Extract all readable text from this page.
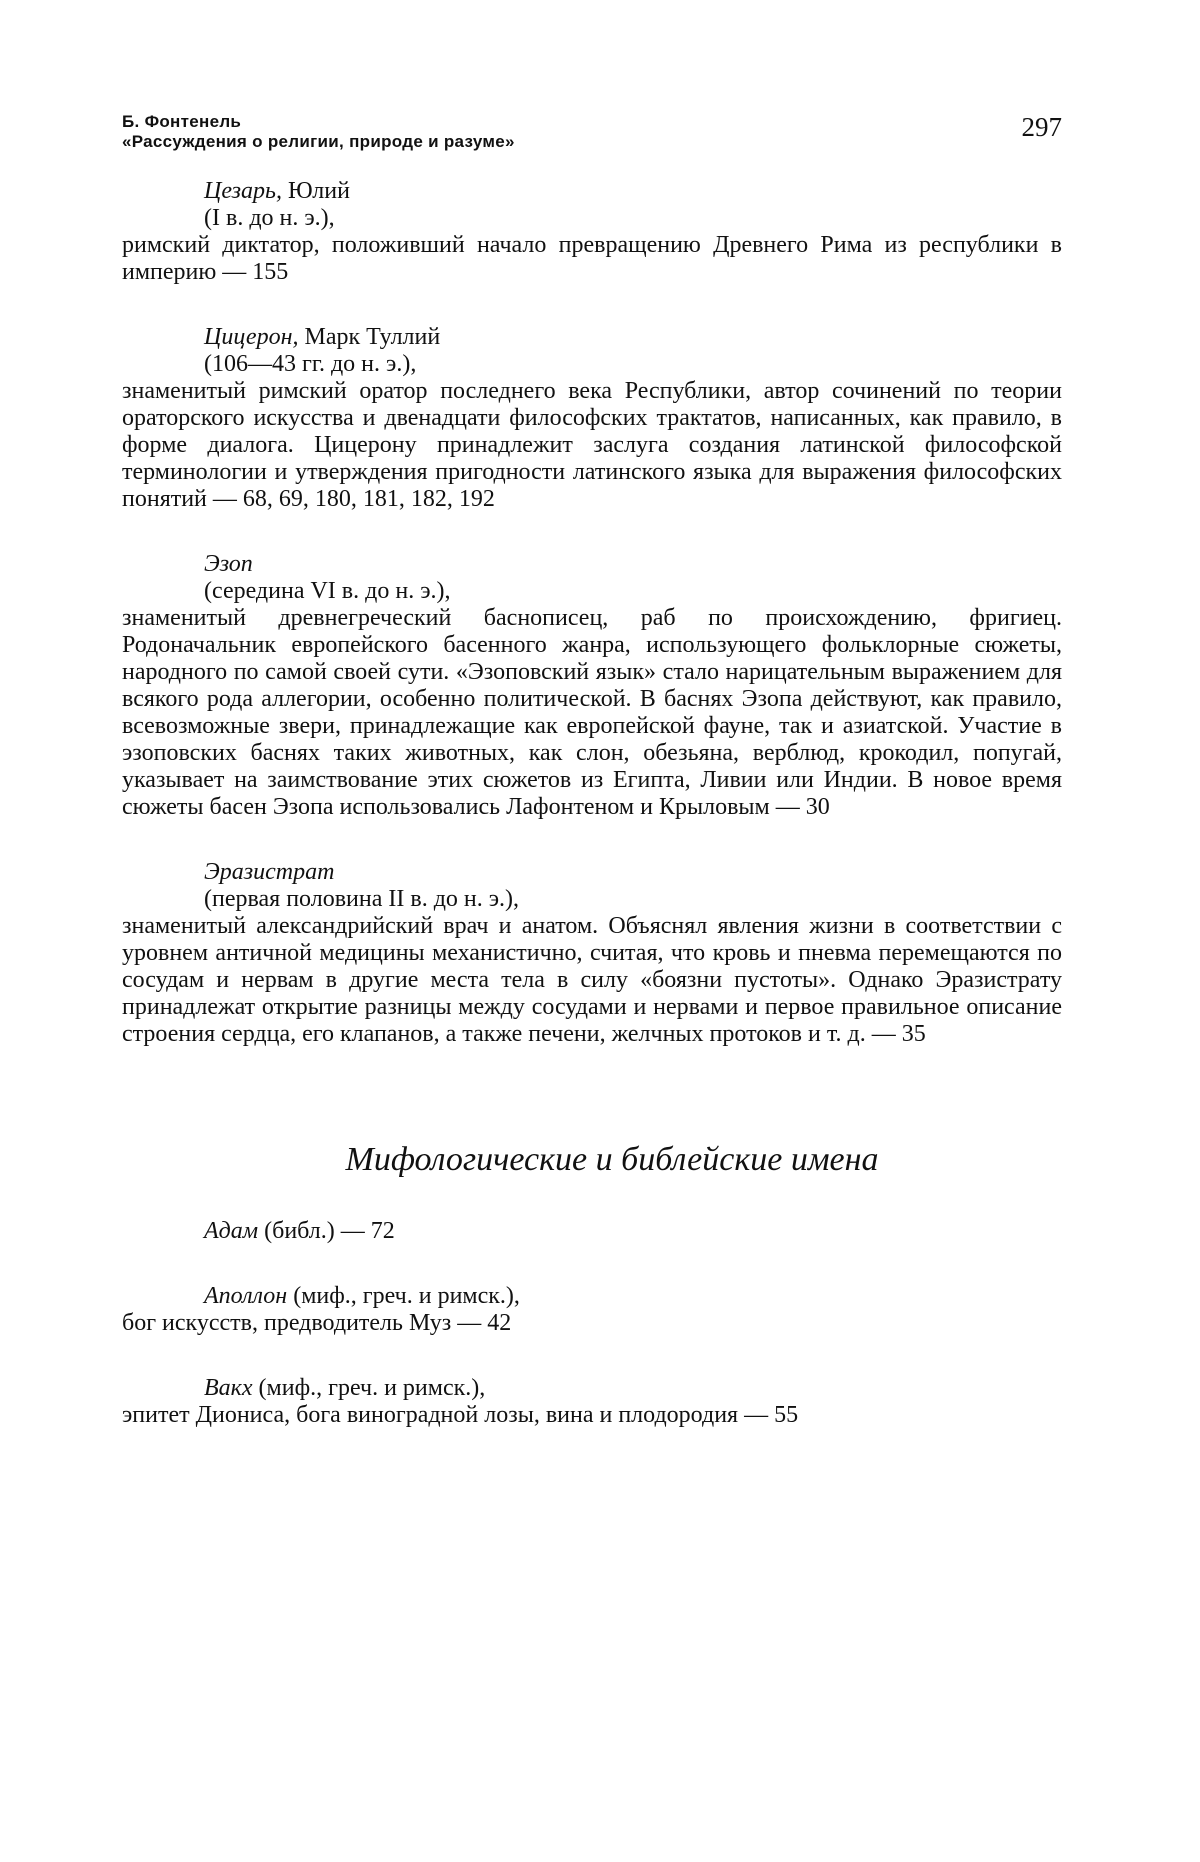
Б. Фонтенель
«Рассуждения о религии, природе и разуме»	297
Цезарь, Юлий
(I в. до н. э.),
римский диктатор, положивший начало превращению Древнего Рима из республики в империю — 155
Цицерон, Марк Туллий
(106—43 гг. до н. э.),
знаменитый римский оратор последнего века Республики, автор сочинений по теории ораторского искусства и двенадцати философских трактатов, написанных, как правило, в форме диалога. Цицерону принадлежит заслуга создания латинской философской терминологии и утверждения пригодности латинского языка для выражения философских понятий — 68, 69, 180, 181, 182, 192
Эзоп
(середина VI в. до н. э.),
знаменитый древнегреческий баснописец, раб по происхождению, фригиец. Родоначальник европейского басенного жанра, использующего фольклорные сюжеты, народного по самой своей сути. «Эзоповский язык» стало нарицательным выражением для всякого рода аллегории, особенно политической. В баснях Эзопа действуют, как правило, всевозможные звери, принадлежащие как европейской фауне, так и азиатской. Участие в эзоповских баснях таких животных, как слон, обезьяна, верблюд, крокодил, попугай, указывает на заимствование этих сюжетов из Египта, Ливии или Индии. В новое время сюжеты басен Эзопа использовались Лафонтеном и Крыловым — 30
Эразистрат
(первая половина II в. до н. э.),
знаменитый александрийский врач и анатом. Объяснял явления жизни в соответствии с уровнем античной медицины механистично, считая, что кровь и пневма перемещаются по сосудам и нервам в другие места тела в силу «боязни пустоты». Однако Эразистрату принадлежат открытие разницы между сосудами и нервами и первое правильное описание строения сердца, его клапанов, а также печени, желчных протоков и т. д. — 35
Мифологические и библейские имена
Адам (библ.) — 72
Аполлон (миф., греч. и римск.),
бог искусств, предводитель Муз — 42
Вакх (миф., греч. и римск.),
эпитет Диониса, бога виноградной лозы, вина и плодородия — 55
